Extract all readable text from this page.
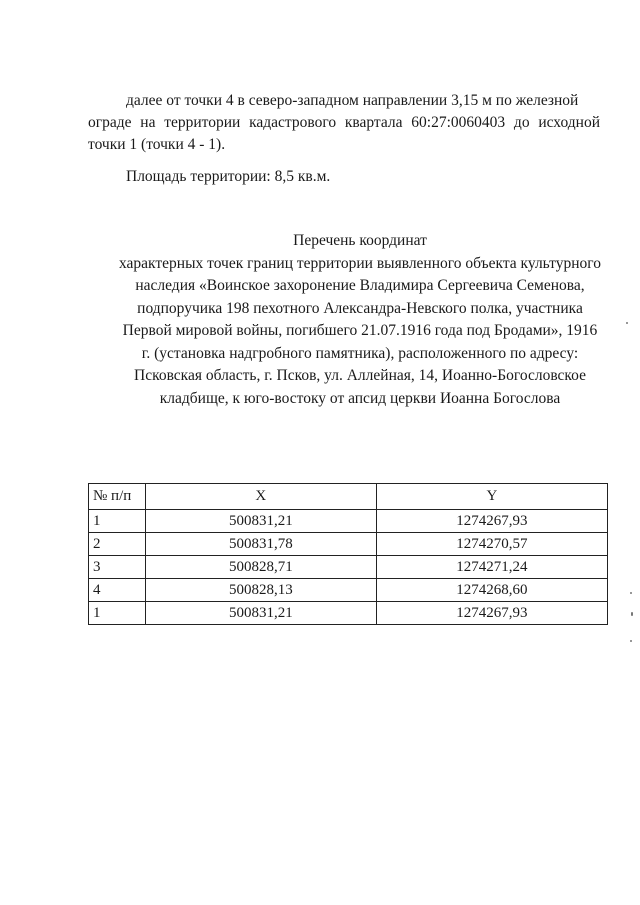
далее от точки 4 в северо-западном направлении 3,15 м по железной
ограде на территории кадастрового квартала 60:27:0060403 до исходной
точки 1 (точки 4 - 1).
Площадь территории: 8,5 кв.м.
Перечень координат
характерных точек границ территории выявленного объекта культурного
наследия «Воинское захоронение Владимира Сергеевича Семенова,
подпоручика 198 пехотного Александра-Невского полка, участника
Первой мировой войны, погибшего 21.07.1916 года под Бродами», 1916
г. (установка надгробного памятника), расположенного по адресу:
Псковская область, г. Псков, ул. Аллейная, 14, Иоанно-Богословское
кладбище, к юго-востоку от апсид церкви Иоанна Богослова
№ п/п	X	Y
1	500831,21	1274267,93
2	500831,78	1274270,57
3	500828,71	1274271,24
4	500828,13	1274268,60
1	500831,21	1274267,93
